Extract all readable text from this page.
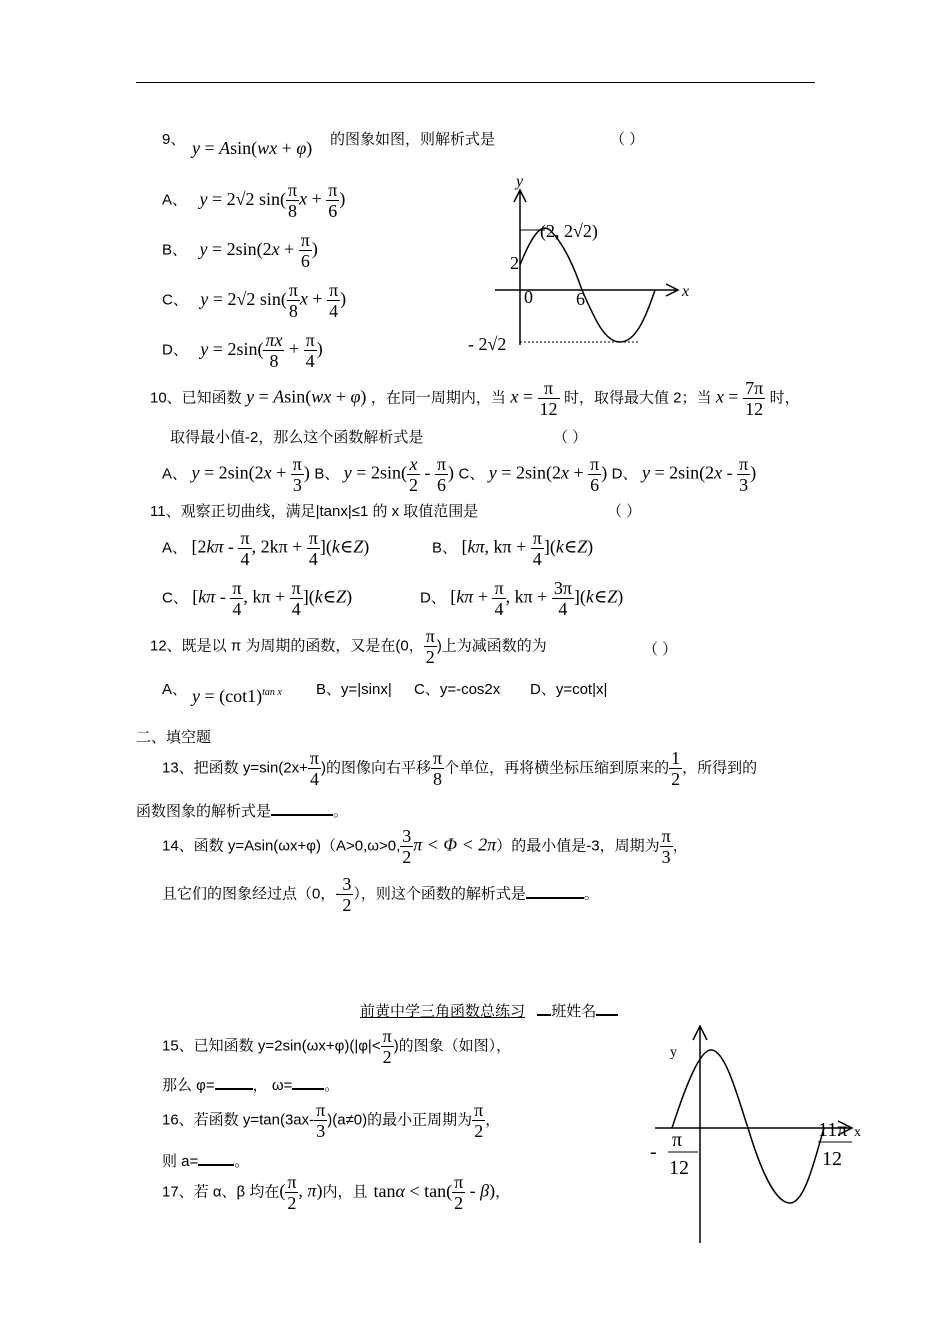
9、 y = Asin(wx + φ) 的图象如图，则解析式是	（ ）
A、 y = 2√2 $\sin( \frac{\pi}{8}$ $x + \frac{\pi}{6}$ )
B、 $y = 2\sin(2x + \frac{\pi}{6}$ )
C、 y = 2√2 $\sin( \frac{\pi}{8}$ $x + \frac{\pi}{4}$ )
D、 $y = 2\sin( \frac{\pi x}{8} + \frac{\pi}{4}$ )
y
x
(2, 2√2)
2
0 6
- 2√2
10、已知函数 y = Asin(wx + φ) ，在同一周期内，当 $x = \frac{\pi}{12}$ 时，取得最大值 2；当 $x = \frac{7\pi}{12}$ 时，
取得最小值-2，那么这个函数解析式是	（ ）
A、 $y = 2\sin(2x + \frac{\pi}{3}$ ) B、 $y = 2\sin( \frac{x}{2} - \frac{\pi}{6}$ ) C、 $y = 2\sin(2x + \frac{\pi}{6}$ ) D、 $y = 2\sin(2x - \frac{\pi}{3}$ )
11、观察正切曲线，满足|tanx|≤1 的 x 取值范围是	（ ）
A、 [$2k\pi - \frac{\pi}{4}$ , $2k\pi + \frac{\pi}{4}$ ](k∈Z)	B、 [kπ, $k\pi + \frac{\pi}{4}$ ](k∈Z)
C、 [$k\pi - \frac{\pi}{4}$ , $k\pi + \frac{\pi}{4}$ ](k∈Z)	D、 [$k\pi + \frac{\pi}{4}$ , $k\pi + \frac{3\pi}{4}$ ](k∈Z)
12、既是以 π 为周期的函数，又是在(0， $\frac{\pi}{2}$ )上为减函数的为	（ ）
A、 $y = (\cot 1)^{tan x}$ B、y=|sinx| C、y=-cos2x D、y=cot|x|
二、填空题
13、把函数 $y=\sin(2x+ \frac{\pi}{4}$ )的图像向右平移 $\frac{\pi}{8}$ 个单位，再将横坐标压缩到原来的 $\frac{1}{2}$ ，所得到的
函数图象的解析式是	。
14、函数 y=Asin(ωx+φ)（A>0,ω>0, $\frac{3}{2}$ π < Φ < 2π）的最小值是-3，周期为 $\frac{\pi}{3}$ ，
且它们的图象经过点（0，- $\frac{3}{2}$ ），则这个函数的解析式是	。
前黄中学三角函数总练习 班姓名
15、已知函数 $y=2\sin(\omega x+\varphi)(|\varphi|< \frac{\pi}{2}$ )的图象（如图），
那么 φ=	， ω= 。
16、若函数 $y=\tan(3ax- \frac{\pi}{3} )(a\ne 0)$的最小正周期为 $\frac{\pi}{2}$ ，
则 a= 。
17、若 α、β 均在( $\frac{\pi}{2}$ , π)内，且 $\tan\alpha < \tan( \frac{\pi}{2} - \beta)$，
y
x
-
π
12
11π
12
